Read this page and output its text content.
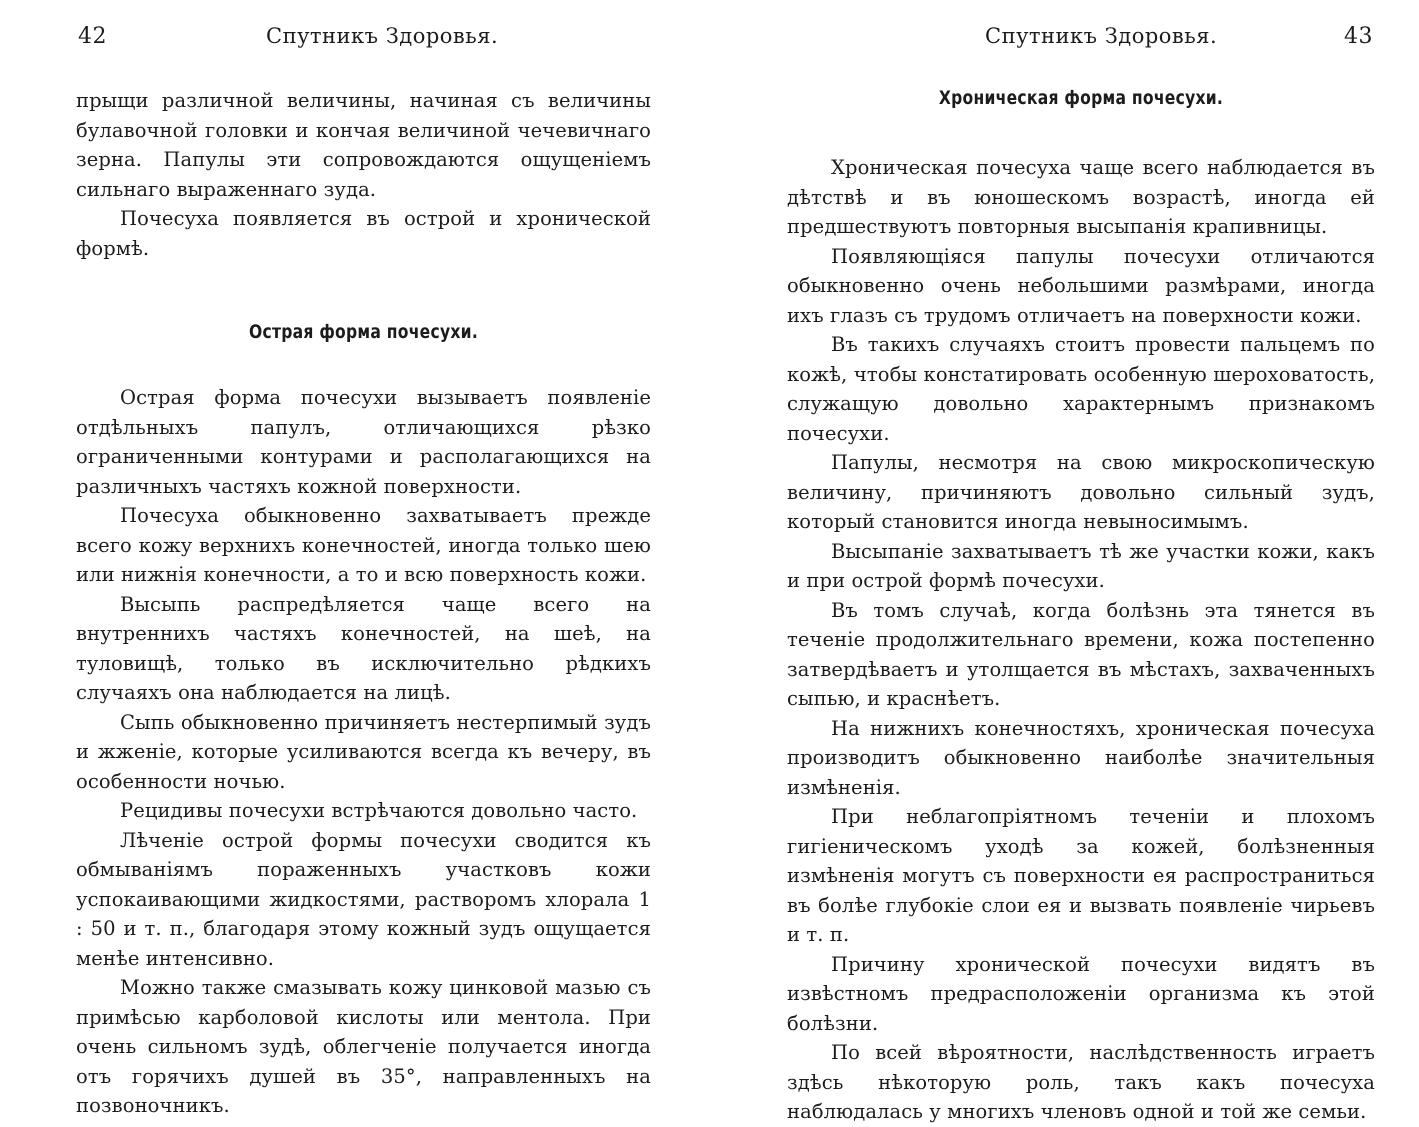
42	Спутникъ Здоровья.

прыщи различной величины, начиная съ величины булавочной головки и кончая величиной чечевичнаго зерна. Папулы эти сопровождаются ощущеніемъ сильнаго выраженнаго зуда.

Почесуха появляется въ острой и хронической формѣ.

Острая форма почесухи.

Острая форма почесухи вызываетъ появленіе отдѣльныхъ папулъ, отличающихся рѣзко ограниченными контурами и располагающихся на различныхъ частяхъ кожной поверхности.

Почесуха обыкновенно захватываетъ прежде всего кожу верхнихъ конечностей, иногда только шею или нижнія конечности, а то и всю поверхность кожи.

Высыпь распредѣляется чаще всего на внутреннихъ частяхъ конечностей, на шеѣ, на туловищѣ, только въ исключительно рѣдкихъ случаяхъ она наблюдается на лицѣ.

Сыпь обыкновенно причиняетъ нестерпимый зудъ и жженіе, которые усиливаются всегда къ вечеру, въ особенности ночью.

Рецидивы почесухи встрѣчаются довольно часто.

Лѣченіе острой формы почесухи сводится къ обмыванiямъ пораженныхъ участковъ кожи успокаивающими жидкостями, растворомъ хлорала 1 : 50 и т. п., благодаря этому кожный зудъ ощущается менѣе интенсивно.

Можно также смазывать кожу цинковой мазью съ примѣсью карболовой кислоты или ментола. При очень сильномъ зудѣ, облегченіе получается иногда отъ горячихъ душей въ 35°, направленныхъ на позвоночникъ.

Спутникъ Здоровья.	43
Хроническая форма почесухи.

Хроническая почесуха чаще всего наблюдается въ дѣтствѣ и въ юношескомъ возрастѣ, иногда ей предшествуютъ повторныя высыпанія крапивницы.

Появляющіяся папулы почесухи отличаются обыкновенно очень небольшими размѣрами, иногда ихъ глазъ съ трудомъ отличаетъ на поверхности кожи.

Въ такихъ случаяхъ стоитъ провести пальцемъ по кожѣ, чтобы констатировать особенную шероховатость, служащую довольно характернымъ признакомъ почесухи.

Папулы, несмотря на свою микроскопическую величину, причиняютъ довольно сильный зудъ, который становится иногда невыносимымъ.

Высыпаніе захватываетъ тѣ же участки кожи, какъ и при острой формѣ почесухи.

Въ томъ случаѣ, когда болѣзнь эта тянется въ теченіе продолжительнаго времени, кожа постепенно затвердѣваетъ и утолщается въ мѣстахъ, захваченныхъ сыпью, и краснѣетъ.

На нижнихъ конечностяхъ, хроническая почесуха производитъ обыкновенно наиболѣе значительныя измѣненія.

При неблагопріятномъ теченіи и плохомъ гигіеническомъ уходѣ за кожей, болѣзненныя измѣненія могутъ съ поверхности ея распространиться въ болѣе глубокіе слои ея и вызвать появленіе чирьевъ и т. п.

Причину хронической почесухи видятъ въ извѣстномъ предрасположеніи организма къ этой болѣзни.

По всей вѣроятности, наслѣдственность играетъ здѣсь нѣкоторую роль, такъ какъ почесуха наблюдалась у многихъ членовъ одной и той же семьи.
